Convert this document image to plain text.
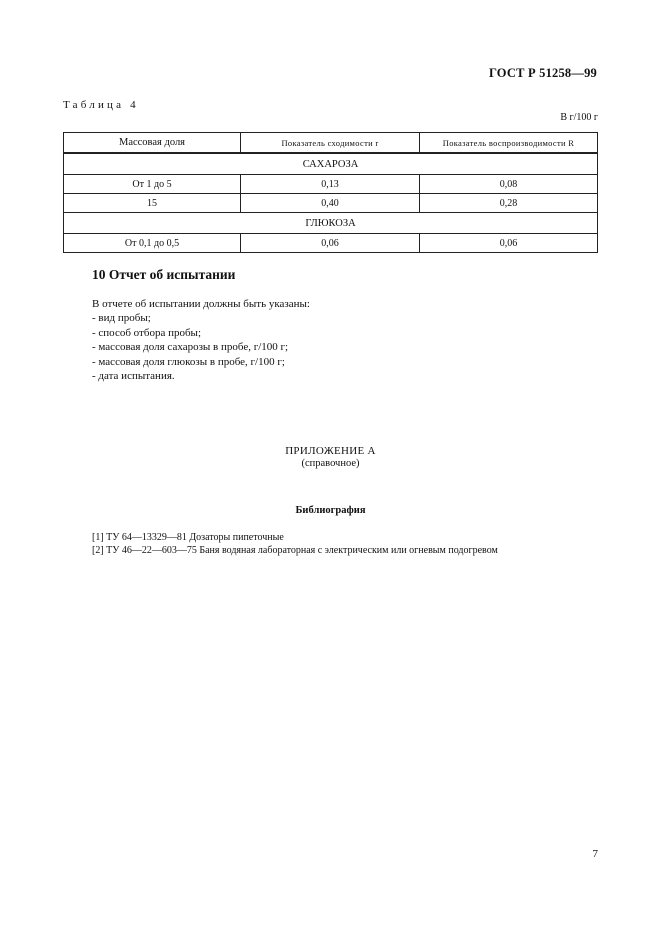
ГОСТ Р 51258—99
Таблица 4
В г/100 г
Массовая доля	Показатель сходимости r	Показатель воспроизводимости R

САХАРОЗА		
От 1 до 5	0,13	0,08
15	0,40	0,28
ГЛЮКОЗА		
От 0,1 до 0,5	0,06	0,06
10 Отчет об испытании
В отчете об испытании должны быть указаны:
- вид пробы;
- способ отбора пробы;
- массовая доля сахарозы в пробе, г/100 г;
- массовая доля глюкозы в пробе, г/100 г;
- дата испытания.
ПРИЛОЖЕНИЕ А
(справочное)
Библиография
[1] ТУ 64—13329—81 Дозаторы пипеточные
[2] ТУ 46—22—603—75 Баня водяная лабораторная с электрическим или огневым подогревом
7
